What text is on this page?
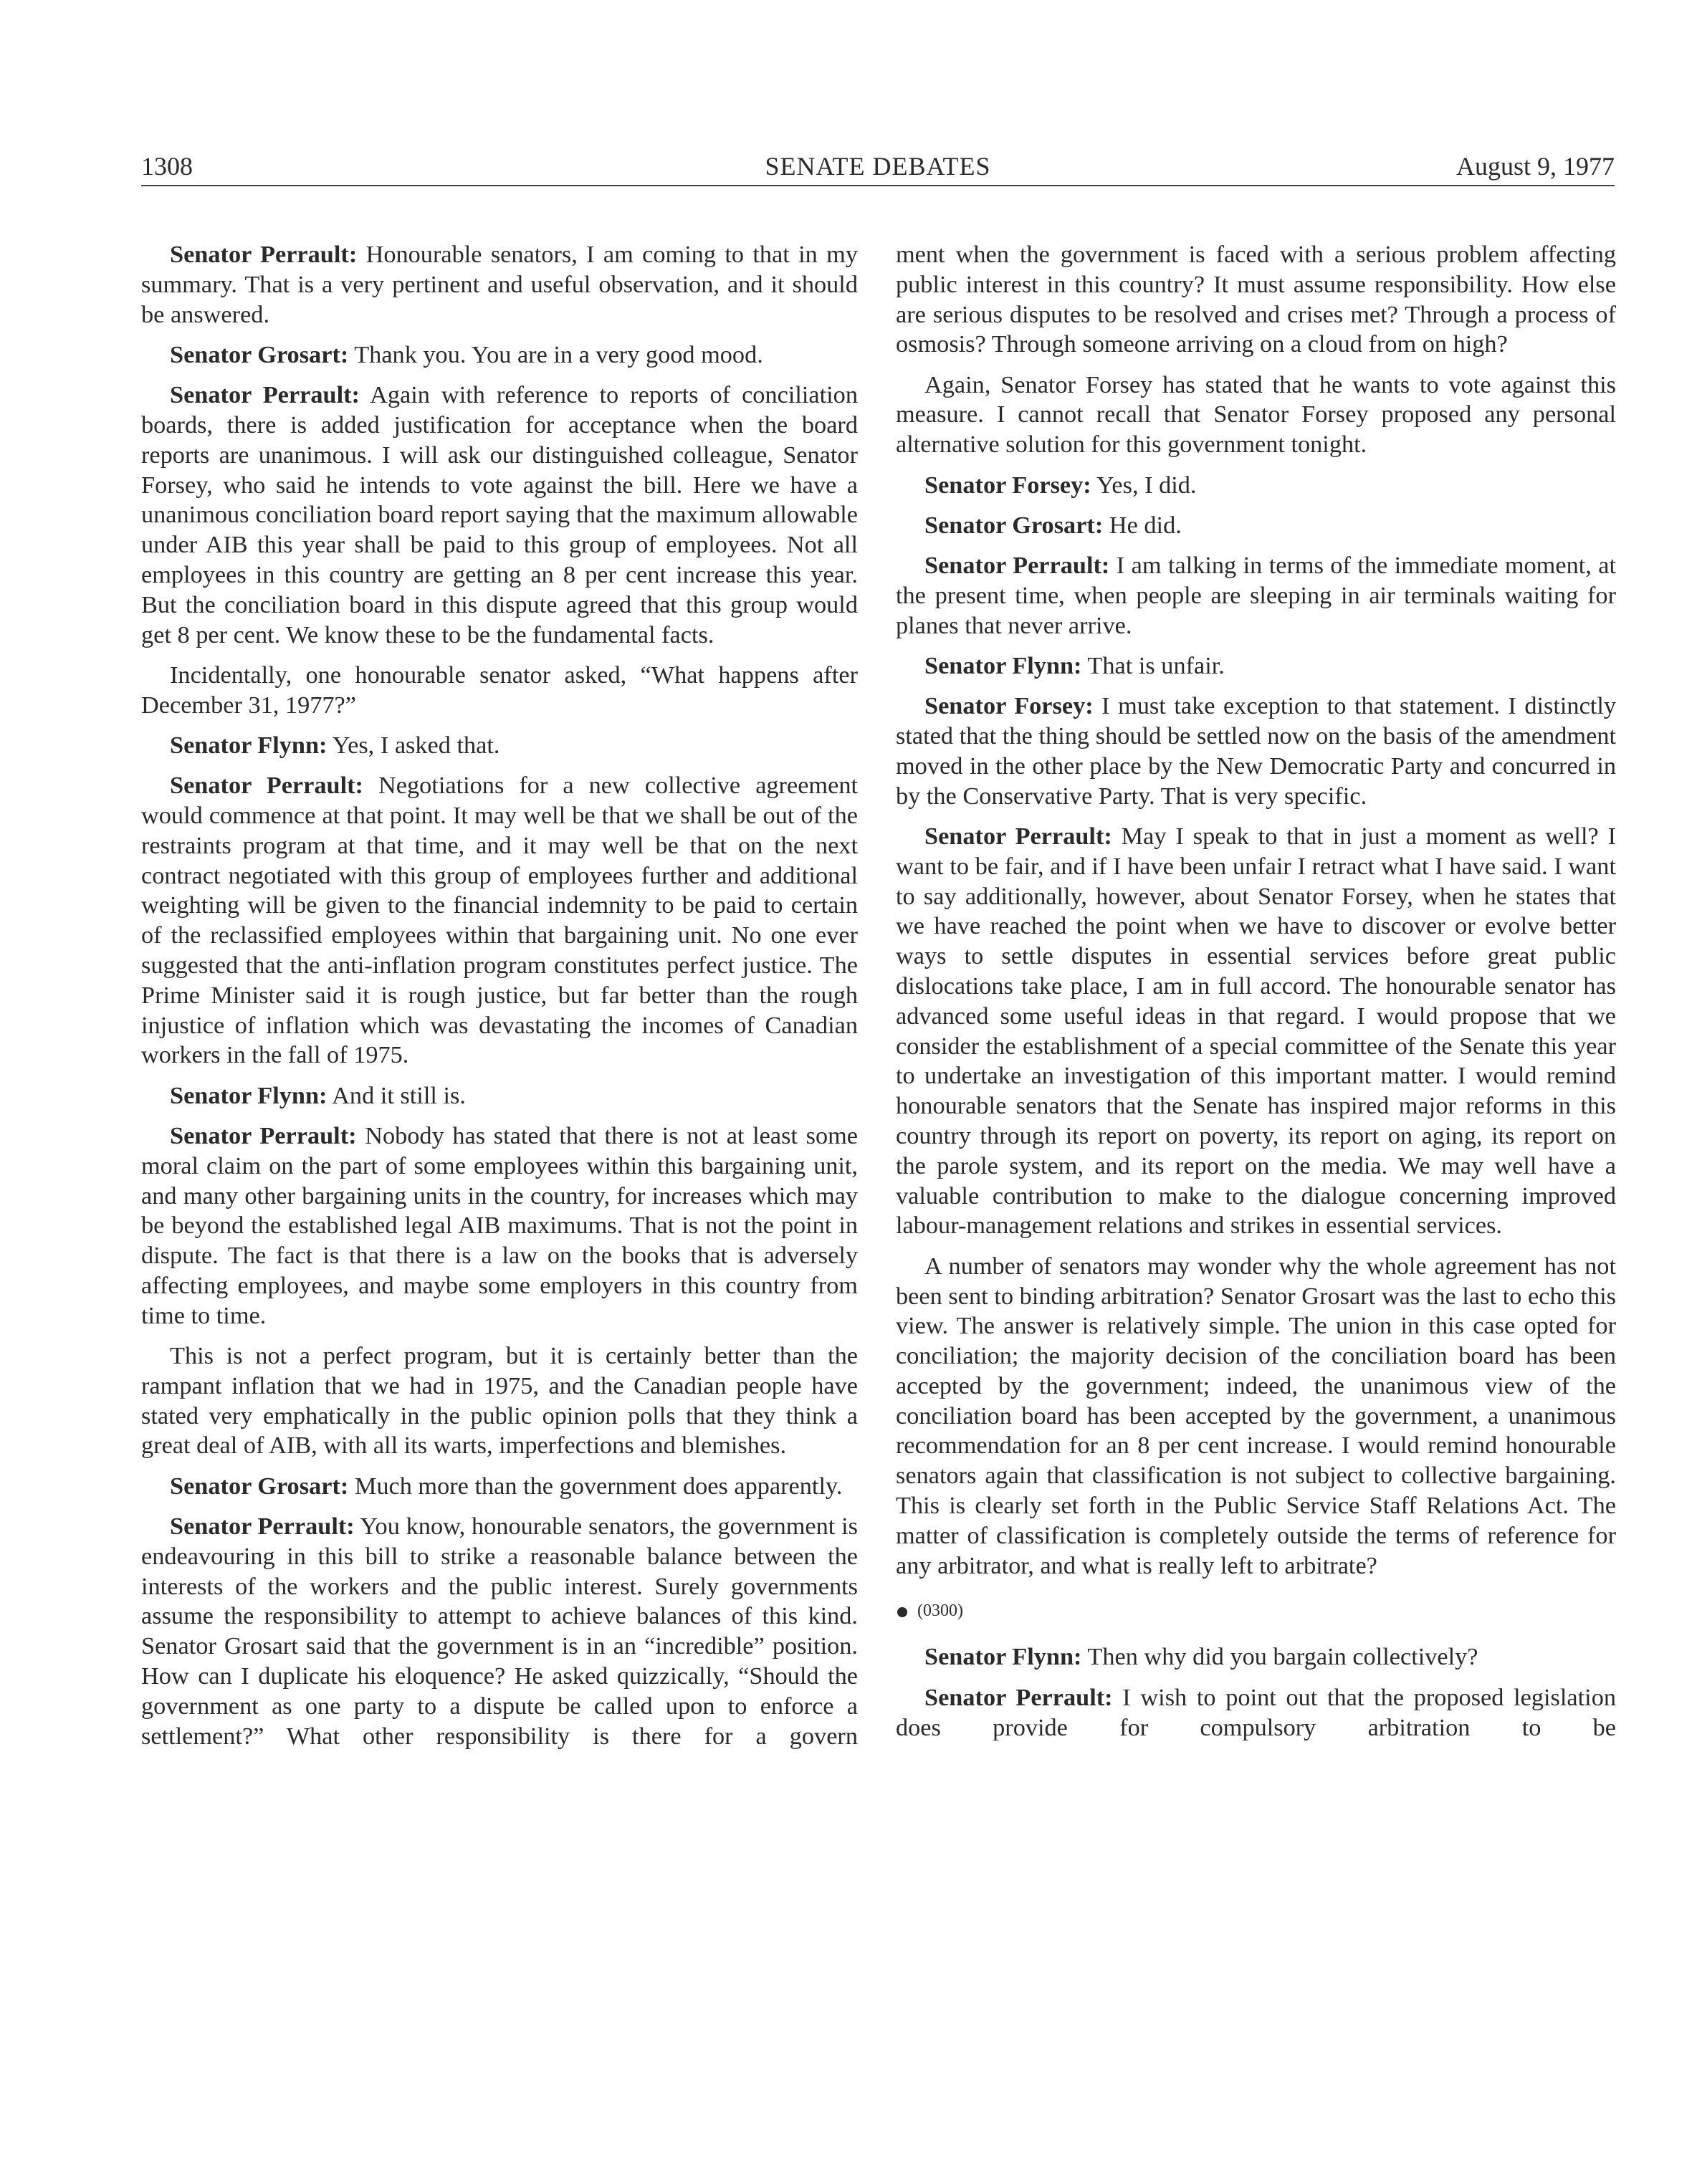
1308	SENATE DEBATES	August 9, 1977

Senator Perrault: Honourable senators, I am coming to that in my summary. That is a very pertinent and useful observation, and it should be answered.

Senator Grosart: Thank you. You are in a very good mood.

Senator Perrault: Again with reference to reports of conciliation boards, there is added justification for acceptance when the board reports are unanimous. I will ask our distinguished colleague, Senator Forsey, who said he intends to vote against the bill. Here we have a unanimous conciliation board report saying that the maximum allowable under AIB this year shall be paid to this group of employees. Not all employees in this country are getting an 8 per cent increase this year. But the conciliation board in this dispute agreed that this group would get 8 per cent. We know these to be the fundamental facts.

Incidentally, one honourable senator asked, “What happens after December 31, 1977?”

Senator Flynn: Yes, I asked that.

Senator Perrault: Negotiations for a new collective agreement would commence at that point. It may well be that we shall be out of the restraints program at that time, and it may well be that on the next contract negotiated with this group of employees further and additional weighting will be given to the financial indemnity to be paid to certain of the reclassified employees within that bargaining unit. No one ever suggested that the anti-inflation program constitutes perfect justice. The Prime Minister said it is rough justice, but far better than the rough injustice of inflation which was devastating the incomes of Canadian workers in the fall of 1975.

Senator Flynn: And it still is.

Senator Perrault: Nobody has stated that there is not at least some moral claim on the part of some employees within this bargaining unit, and many other bargaining units in the country, for increases which may be beyond the established legal AIB maximums. That is not the point in dispute. The fact is that there is a law on the books that is adversely affecting employees, and maybe some employers in this country from time to time.

This is not a perfect program, but it is certainly better than the rampant inflation that we had in 1975, and the Canadian people have stated very emphatically in the public opinion polls that they think a great deal of AIB, with all its warts, imperfections and blemishes.

Senator Grosart: Much more than the government does apparently.

Senator Perrault: You know, honourable senators, the government is endeavouring in this bill to strike a reasonable balance between the interests of the workers and the public interest. Surely governments assume the responsibility to attempt to achieve balances of this kind. Senator Grosart said that the government is in an “incredible” position. How can I duplicate his eloquence? He asked quizzically, “Should the government as one party to a dispute be called upon to enforce a settlement?” What other responsibility is there for a govern

ment when the government is faced with a serious problem affecting public interest in this country? It must assume responsibility. How else are serious disputes to be resolved and crises met? Through a process of osmosis? Through someone arriving on a cloud from on high?

Again, Senator Forsey has stated that he wants to vote against this measure. I cannot recall that Senator Forsey proposed any personal alternative solution for this government tonight.

Senator Forsey: Yes, I did.

Senator Grosart: He did.

Senator Perrault: I am talking in terms of the immediate moment, at the present time, when people are sleeping in air terminals waiting for planes that never arrive.

Senator Flynn: That is unfair.

Senator Forsey: I must take exception to that statement. I distinctly stated that the thing should be settled now on the basis of the amendment moved in the other place by the New Democratic Party and concurred in by the Conservative Party. That is very specific.

Senator Perrault: May I speak to that in just a moment as well? I want to be fair, and if I have been unfair I retract what I have said. I want to say additionally, however, about Senator Forsey, when he states that we have reached the point when we have to discover or evolve better ways to settle disputes in essential services before great public dislocations take place, I am in full accord. The honourable senator has advanced some useful ideas in that regard. I would propose that we consider the establishment of a special committee of the Senate this year to undertake an investigation of this important matter. I would remind honourable senators that the Senate has inspired major reforms in this country through its report on poverty, its report on aging, its report on the parole system, and its report on the media. We may well have a valuable contribution to make to the dialogue concerning improved labour-management relations and strikes in essential services.

A number of senators may wonder why the whole agreement has not been sent to binding arbitration? Senator Grosart was the last to echo this view. The answer is relatively simple. The union in this case opted for conciliation; the majority decision of the conciliation board has been accepted by the government; indeed, the unanimous view of the conciliation board has been accepted by the government, a unanimous recommendation for an 8 per cent increase. I would remind honourable senators again that classification is not subject to collective bargaining. This is clearly set forth in the Public Service Staff Relations Act. The matter of classification is completely outside the terms of reference for any arbitrator, and what is really left to arbitrate?

(0300)

Senator Flynn: Then why did you bargain collectively?

Senator Perrault: I wish to point out that the proposed legislation does provide for compulsory arbitration to be
